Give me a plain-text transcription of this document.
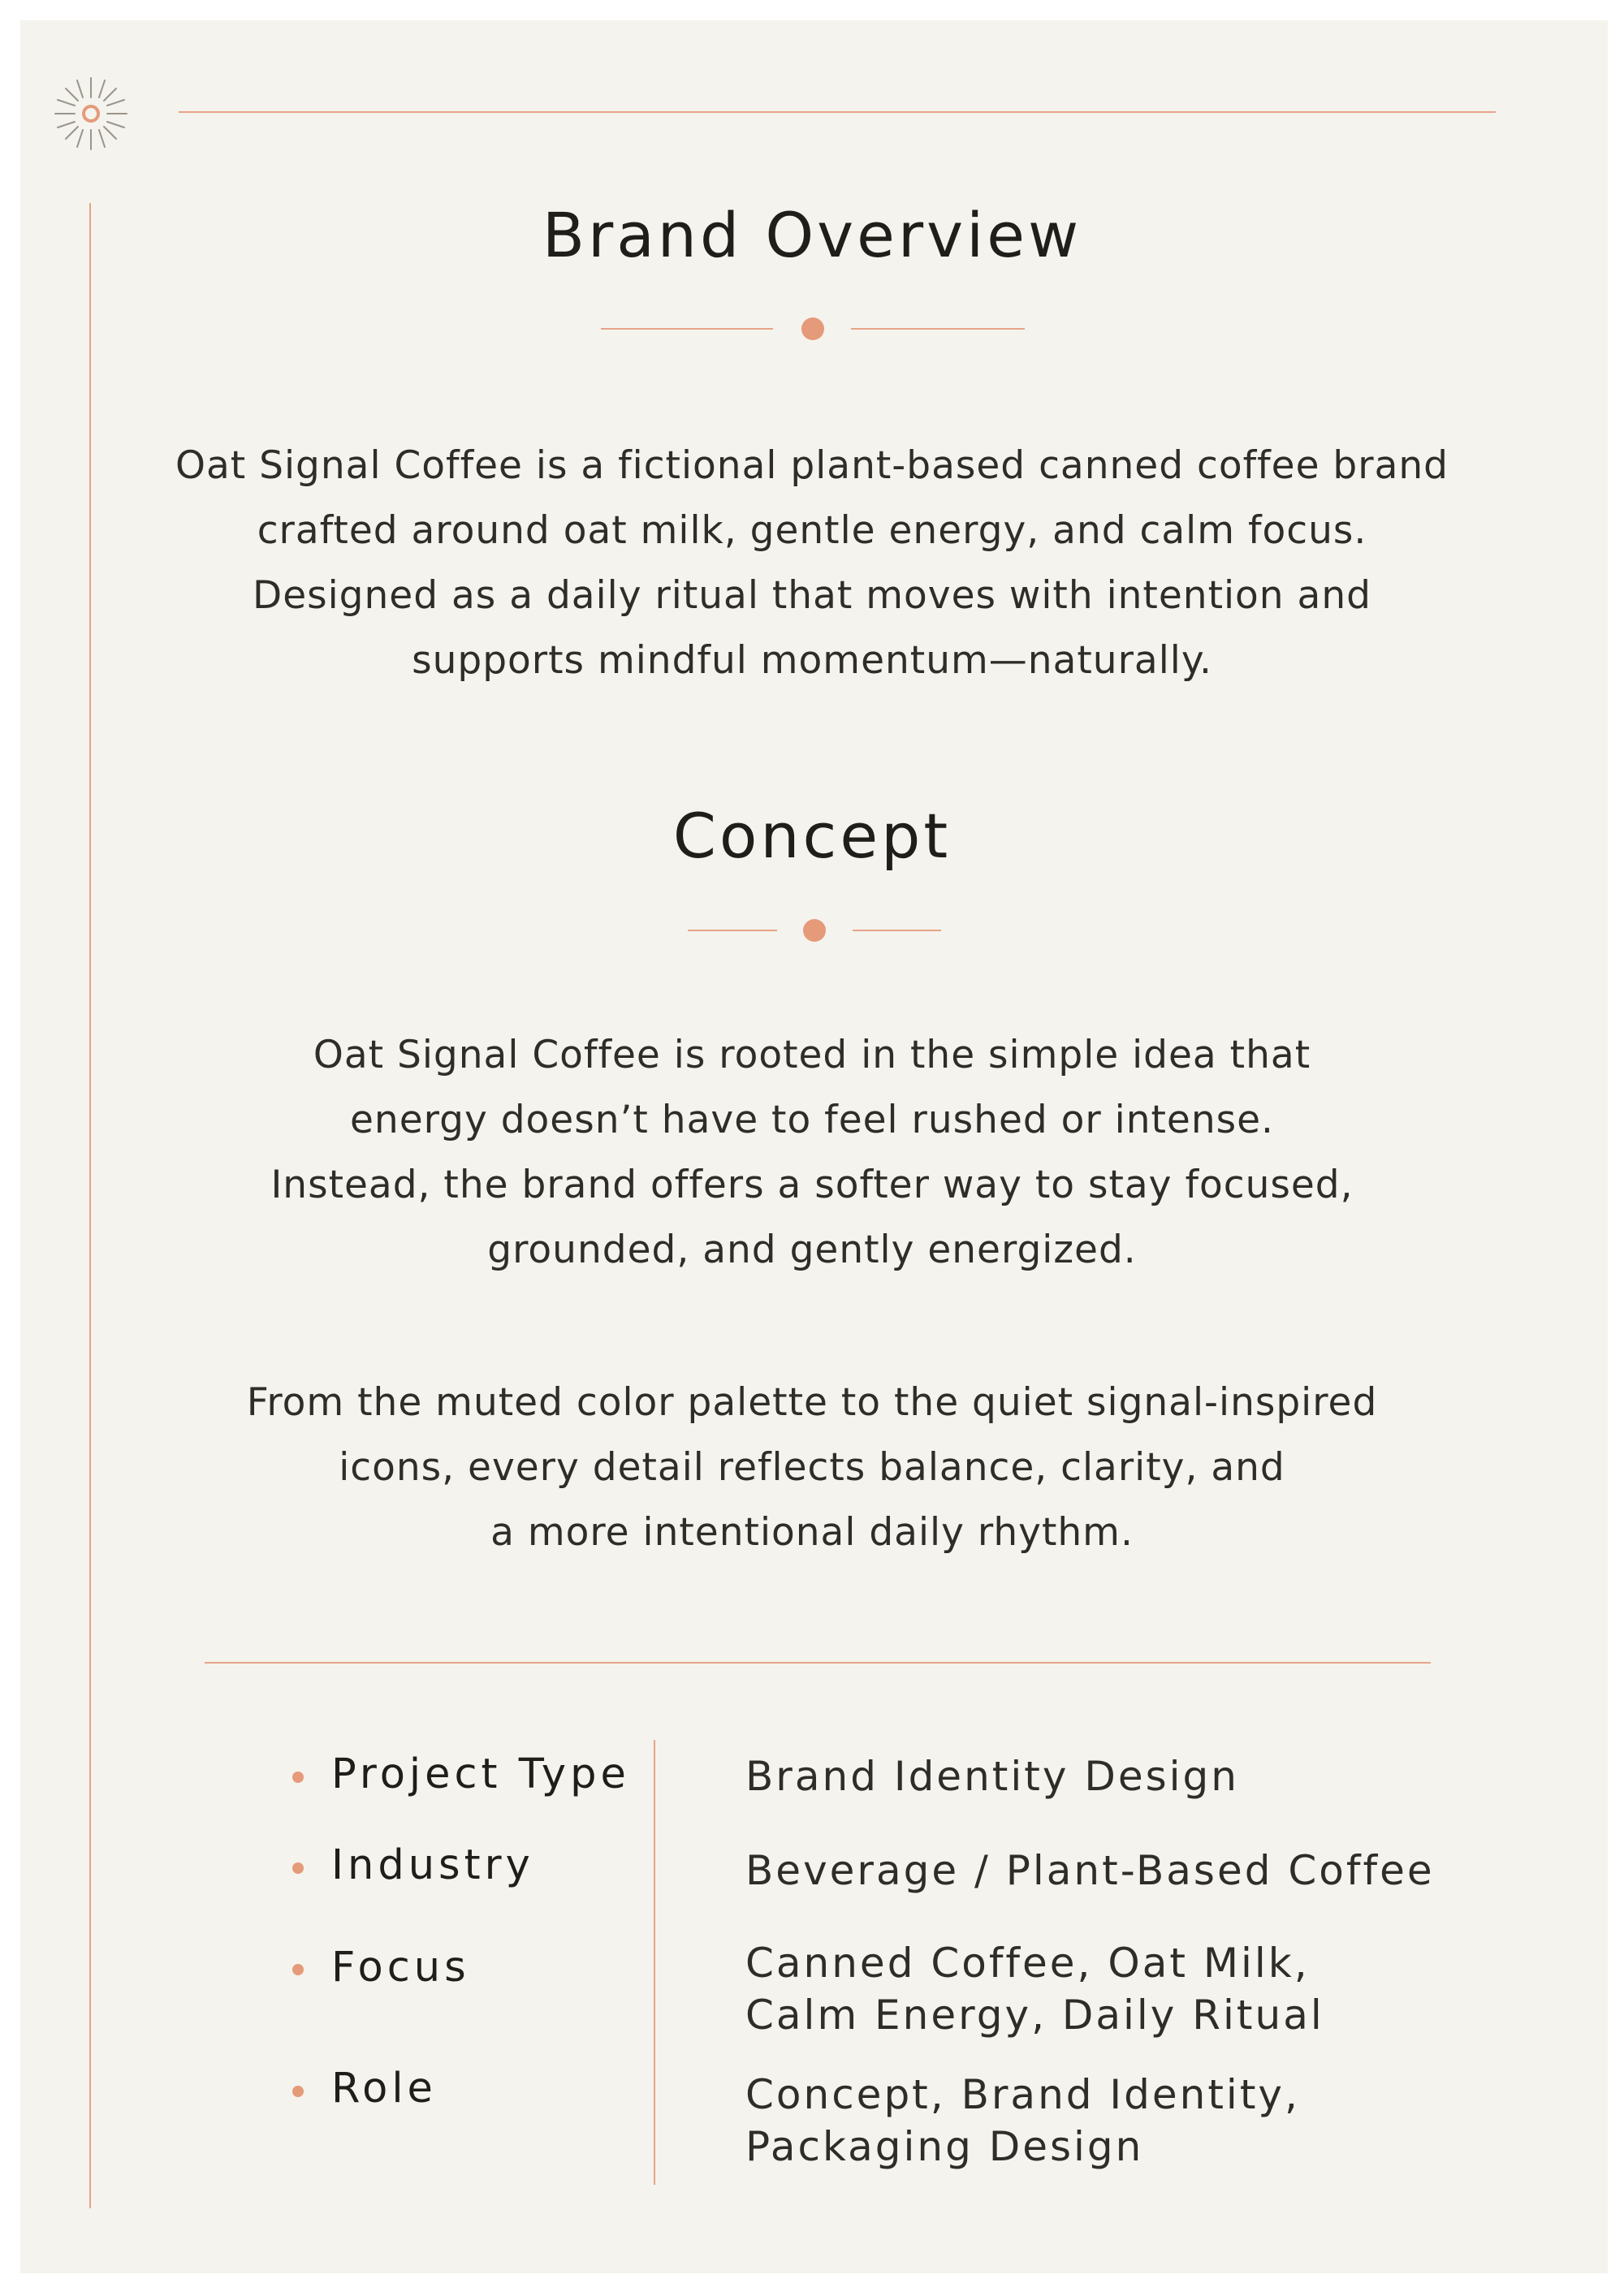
Brand Overview

Oat Signal Coffee is a fictional plant-based canned coffee brand
crafted around oat milk, gentle energy, and calm focus.
Designed as a daily ritual that moves with intention and
supports mindful momentum—naturally.

Concept

Oat Signal Coffee is rooted in the simple idea that
energy doesn’t have to feel rushed or intense.
Instead, the brand offers a softer way to stay focused,
grounded, and gently energized.

From the muted color palette to the quiet signal-inspired
icons, every detail reflects balance, clarity, and
a more intentional daily rhythm.

Project Type	Brand Identity Design
Industry	Beverage / Plant-Based Coffee
Focus	Canned Coffee, Oat Milk,
Calm Energy, Daily Ritual
Role	Concept, Brand Identity,
Packaging Design
